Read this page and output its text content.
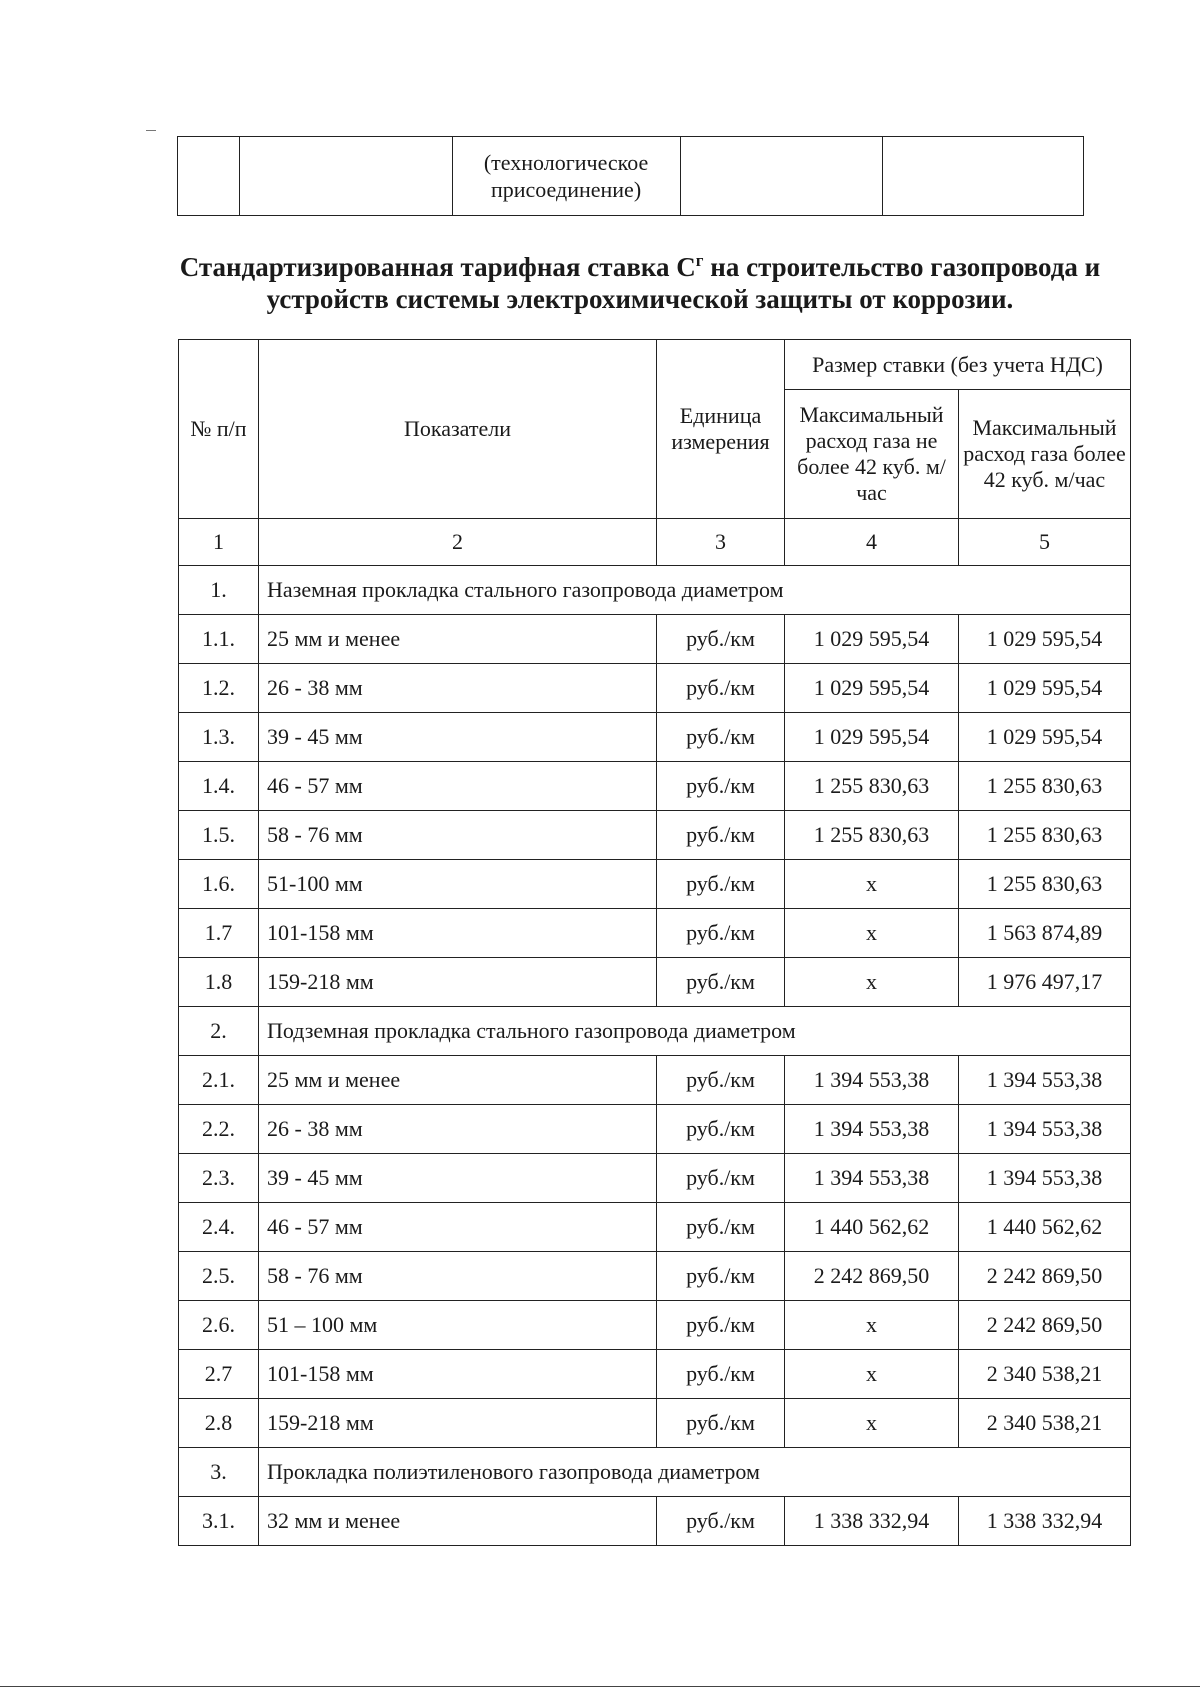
		(технологическое присоединение)		
Стандартизированная тарифная ставка $С^г$ на строительство газопровода и устройств системы электрохимической защиты от коррозии.
№ п/п	Показатели	Единица измерения	Размер ставки (без учета НДС)	
			Максимальный расход газа не более 42 куб. м/час	Максимальный расход газа более 42 куб. м/час
1	2	3	4	5
1.	Наземная прокладка стального газопровода диаметром			
1.1.	25 мм и менее	руб./км	1 029 595,54	1 029 595,54
1.2.	26 - 38 мм	руб./км	1 029 595,54	1 029 595,54
1.3.	39 - 45 мм	руб./км	1 029 595,54	1 029 595,54
1.4.	46 - 57 мм	руб./км	1 255 830,63	1 255 830,63
1.5.	58 - 76 мм	руб./км	1 255 830,63	1 255 830,63
1.6.	51-100 мм	руб./км	x	1 255 830,63
1.7	101-158 мм	руб./км	x	1 563 874,89
1.8	159-218 мм	руб./км	x	1 976 497,17
2.	Подземная прокладка стального газопровода диаметром			
2.1.	25 мм и менее	руб./км	1 394 553,38	1 394 553,38
2.2.	26 - 38 мм	руб./км	1 394 553,38	1 394 553,38
2.3.	39 - 45 мм	руб./км	1 394 553,38	1 394 553,38
2.4.	46 - 57 мм	руб./км	1 440 562,62	1 440 562,62
2.5.	58 - 76 мм	руб./км	2 242 869,50	2 242 869,50
2.6.	51 – 100 мм	руб./км	x	2 242 869,50
2.7	101-158 мм	руб./км	x	2 340 538,21
2.8	159-218 мм	руб./км	x	2 340 538,21
3.	Прокладка полиэтиленового газопровода диаметром			
3.1.	32 мм и менее	руб./км	1 338 332,94	1 338 332,94
